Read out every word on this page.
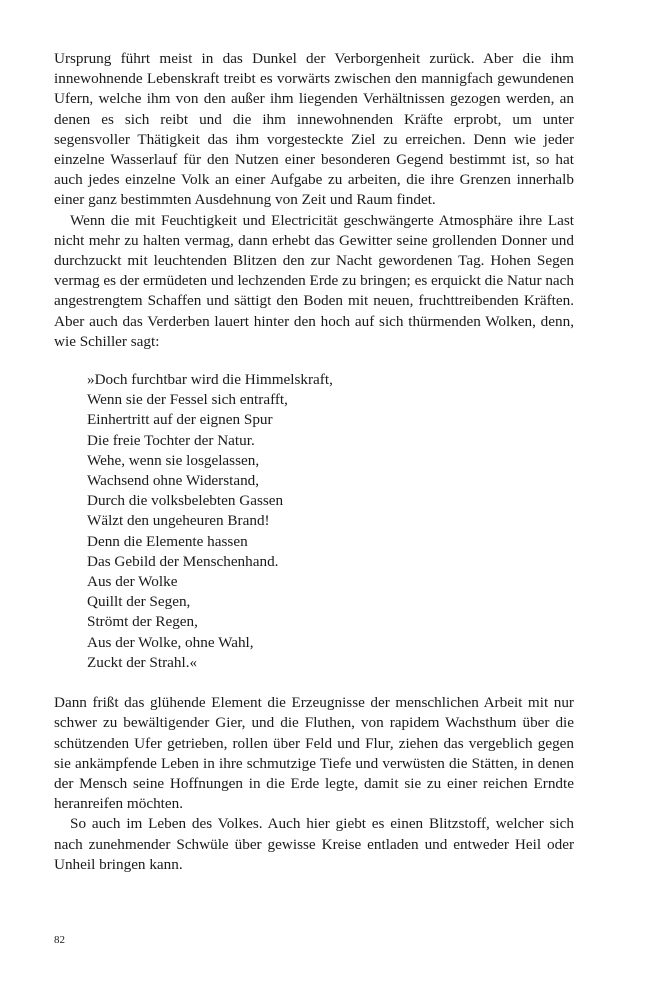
Ursprung führt meist in das Dunkel der Verborgenheit zurück. Aber die ihm innewohnende Lebenskraft treibt es vorwärts zwischen den mannigfach gewundenen Ufern, welche ihm von den außer ihm liegenden Verhältnissen gezogen werden, an denen es sich reibt und die ihm innewohnenden Kräfte erprobt, um unter segensvoller Thätigkeit das ihm vorgesteckte Ziel zu erreichen. Denn wie jeder einzelne Wasserlauf für den Nutzen einer besonderen Gegend bestimmt ist, so hat auch jedes einzelne Volk an einer Aufgabe zu arbeiten, die ihre Grenzen innerhalb einer ganz bestimmten Ausdehnung von Zeit und Raum findet.

Wenn die mit Feuchtigkeit und Electricität geschwängerte Atmosphäre ihre Last nicht mehr zu halten vermag, dann erhebt das Gewitter seine grollenden Donner und durchzuckt mit leuchtenden Blitzen den zur Nacht gewordenen Tag. Hohen Segen vermag es der ermüdeten und lechzenden Erde zu bringen; es erquickt die Natur nach angestrengtem Schaffen und sättigt den Boden mit neuen, fruchttreibenden Kräften. Aber auch das Verderben lauert hinter den hoch auf sich thürmenden Wolken, denn, wie Schiller sagt:

»Doch furchtbar wird die Himmelskraft,
Wenn sie der Fessel sich entrafft,
Einhertritt auf der eignen Spur
Die freie Tochter der Natur.
Wehe, wenn sie losgelassen,
Wachsend ohne Widerstand,
Durch die volksbelebten Gassen
Wälzt den ungeheuren Brand!
Denn die Elemente hassen
Das Gebild der Menschenhand.
Aus der Wolke
Quillt der Segen,
Strömt der Regen,
Aus der Wolke, ohne Wahl,
Zuckt der Strahl.«

Dann frißt das glühende Element die Erzeugnisse der menschlichen Arbeit mit nur schwer zu bewältigender Gier, und die Fluthen, von rapidem Wachsthum über die schützenden Ufer getrieben, rollen über Feld und Flur, ziehen das vergeblich gegen sie ankämpfende Leben in ihre schmutzige Tiefe und verwüsten die Stätten, in denen der Mensch seine Hoffnungen in die Erde legte, damit sie zu einer reichen Erndte heranreifen möchten.

So auch im Leben des Volkes. Auch hier giebt es einen Blitzstoff, welcher sich nach zunehmender Schwüle über gewisse Kreise entladen und entweder Heil oder Unheil bringen kann.

82
